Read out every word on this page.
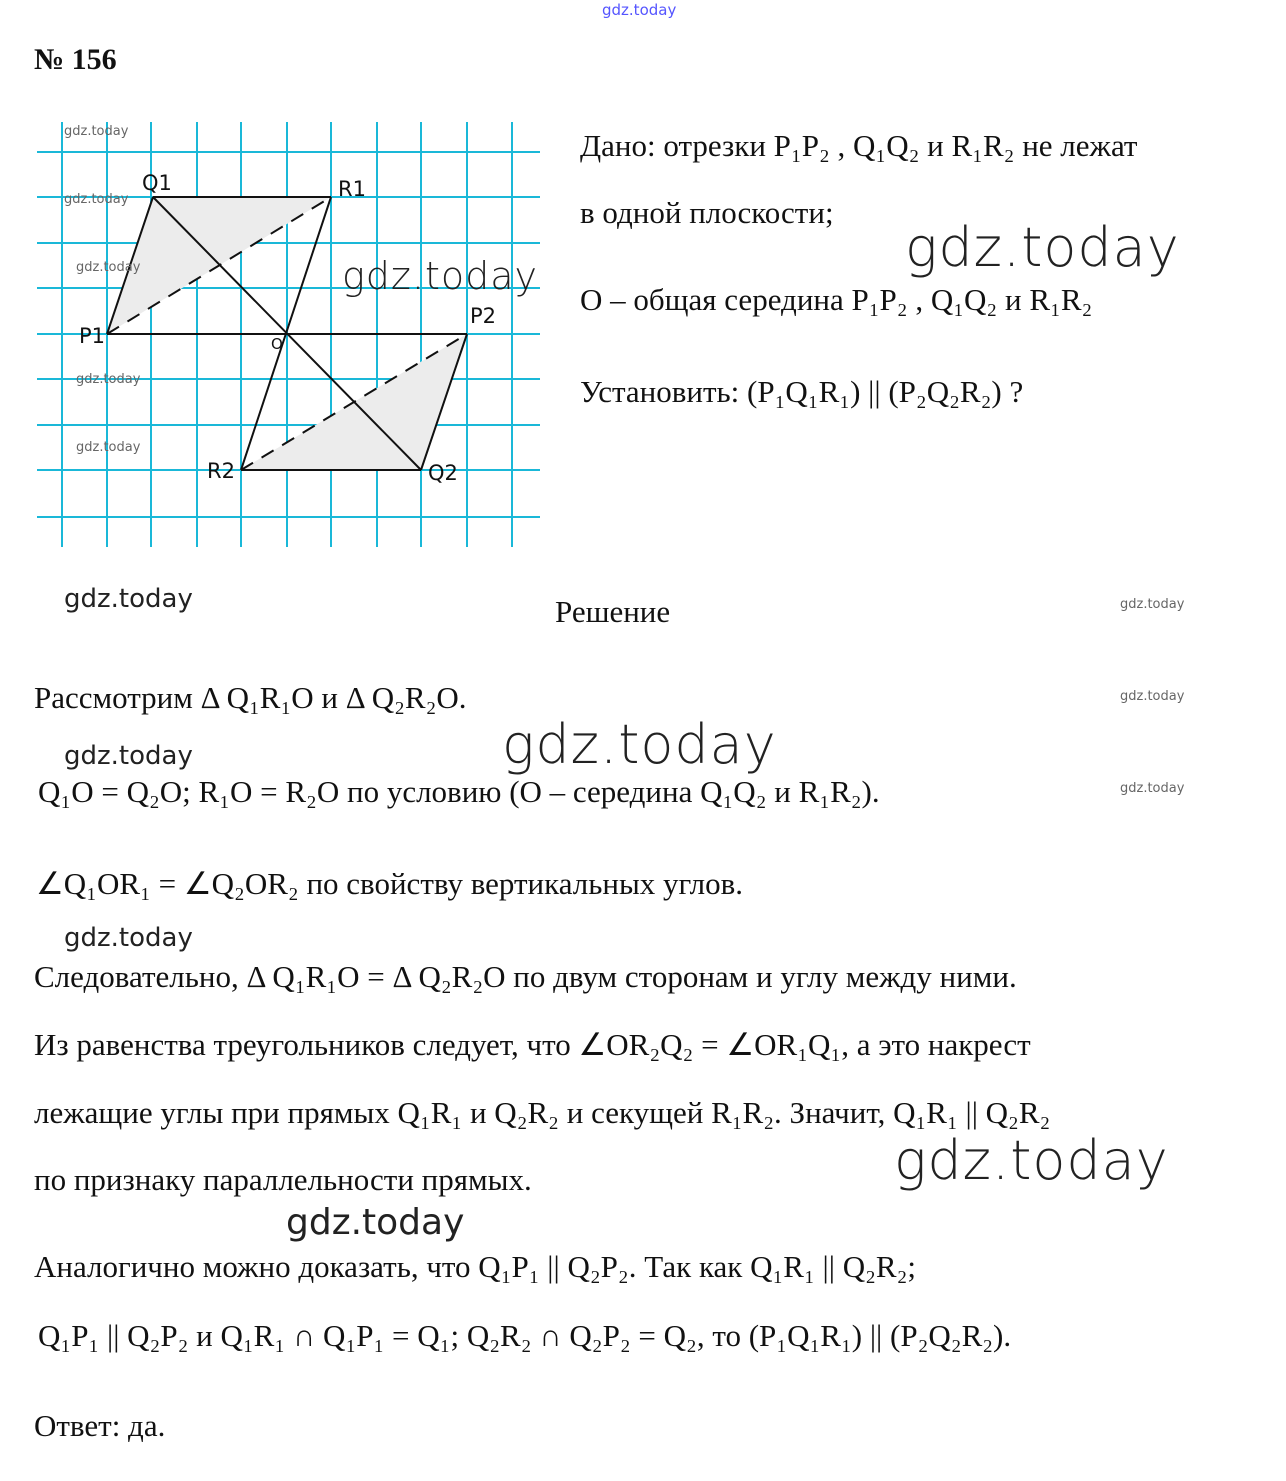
№ 156
Q1	R1
P1	O
P2
R2	Q2
Дано: отрезки P₁P₂ , Q₁Q₂ и R₁R₂ не лежат
в одной плоскости;
O – общая середина P₁P₂ , Q₁Q₂ и R₁R₂
Установить: (P₁Q₁R₁) || (P₂Q₂R₂) ?
Решение
Рассмотрим Δ Q₁R₁O и Δ Q₂R₂O.
Q₁O = Q₂O; R₁O = R₂O по условию (O – середина Q₁Q₂ и R₁R₂).
∠Q₁OR₁ = ∠Q₂OR₂ по свойству вертикальных углов.
Следовательно, Δ Q₁R₁O = Δ Q₂R₂O по двум сторонам и углу между ними.
Из равенства треугольников следует, что ∠OR₂Q₂ = ∠OR₁Q₁, а это накрест
лежащие углы при прямых Q₁R₁ и Q₂R₂ и секущей R₁R₂. Значит, Q₁R₁ || Q₂R₂
по признаку параллельности прямых.
Аналогично можно доказать, что Q₁P₁ || Q₂P₂. Так как Q₁R₁ || Q₂R₂;
Q₁P₁ || Q₂P₂ и Q₁R₁ ∩ Q₁P₁ = Q₁; Q₂R₂ ∩ Q₂P₂ = Q₂, то (P₁Q₁R₁) || (P₂Q₂R₂).
Ответ: да.
gdz.today
gdz.today
gdz.today
gdz.today
gdz.today
gdz.today
gdz.today	gdz.today
gdz.today	gdz.today
gdz.today
gdz.today
gdz.today
gdz.today
gdz.today
gdz.today
gdz.today
